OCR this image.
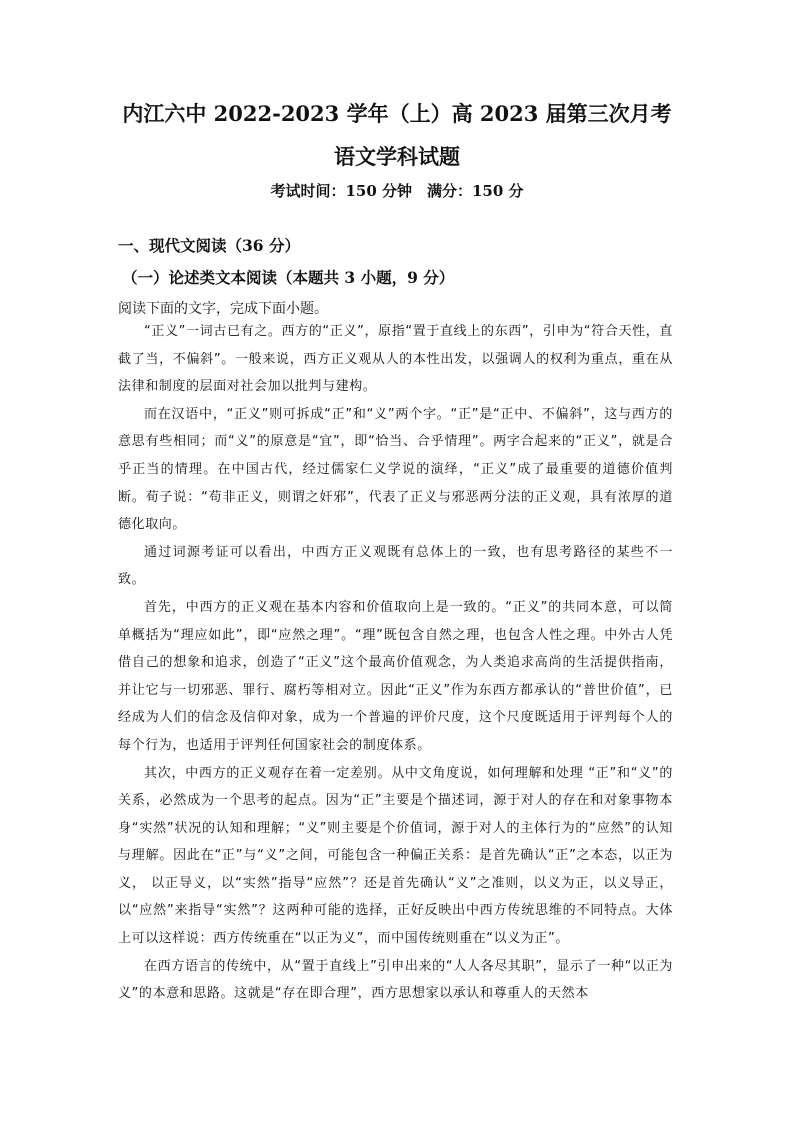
内江六中 2022-2023 学年（上）高 2023 届第三次月考
语文学科试题
考试时间：150 分钟　满分：150 分
一、现代文阅读（36 分）
（一）论述类文本阅读（本题共 3 小题，9 分）
阅读下面的文字，完成下面小题。

“正义”一词古已有之。西方的“正义”，原指“置于直线上的东西”，引申为“符合天性，直截了当，不偏斜”。一般来说，西方正义观从人的本性出发，以强调人的权利为重点，重在从法律和制度的层面对社会加以批判与建构。

而在汉语中，“正义”则可拆成“正”和“义”两个字。“正”是“正中、不偏斜”，这与西方的意思有些相同；而“义”的原意是“宜”，即“恰当、合乎情理”。两字合起来的“正义”，就是合乎正当的情理。在中国古代，经过儒家仁义学说的演绎，“正义”成了最重要的道德价值判断。荀子说：“苟非正义，则谓之奸邪”，代表了正义与邪恶两分法的正义观，具有浓厚的道德化取向。

通过词源考证可以看出，中西方正义观既有总体上的一致，也有思考路径的某些不一致。

首先，中西方的正义观在基本内容和价值取向上是一致的。“正义”的共同本意，可以简单概括为“理应如此”，即“应然之理”。“理”既包含自然之理，也包含人性之理。中外古人凭借自己的想象和追求，创造了“正义”这个最高价值观念，为人类追求高尚的生活提供指南，并让它与一切邪恶、罪行、腐朽等相对立。因此“正义”作为东西方都承认的“普世价值”，已经成为人们的信念及信仰对象，成为一个普遍的评价尺度，这个尺度既适用于评判每个人的每个行为，也适用于评判任何国家社会的制度体系。

其次，中西方的正义观存在着一定差别。从中文角度说，如何理解和处理 “正”和“义”的关系，必然成为一个思考的起点。因为“正”主要是个描述词，源于对人的存在和对象事物本身“实然”状况的认知和理解；“义”则主要是个价值词，源于对人的主体行为的“应然”的认知与理解。因此在“正”与“义”之间，可能包含一种偏正关系：是首先确认“正”之本态，以正为义， 以正导义，以“实然”指导“应然”？还是首先确认“义”之准则，以义为正，以义导正，以“应然”来指导“实然”？这两种可能的选择，正好反映出中西方传统思维的不同特点。大体上可以这样说：西方传统重在“以正为义”，而中国传统则重在“以义为正”。

在西方语言的传统中，从“置于直线上”引申出来的“人人各尽其职”，显示了一种“以正为义”的本意和思路。这就是“存在即合理”，西方思想家以承认和尊重人的天然本
